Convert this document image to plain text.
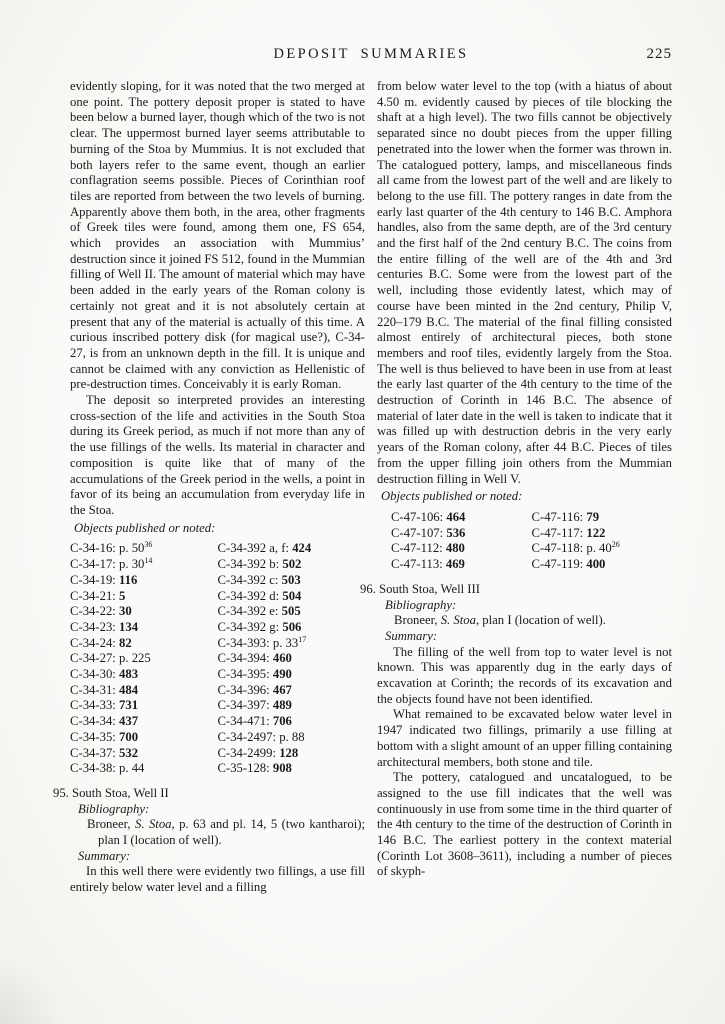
DEPOSIT SUMMARIES	225

evidently sloping, for it was noted that the two merged at one point. The pottery deposit proper is stated to have been below a burned layer, though which of the two is not clear. The uppermost burned layer seems attributable to burning of the Stoa by Mummius. It is not excluded that both layers refer to the same event, though an earlier conflagration seems possible. Pieces of Corinthian roof tiles are reported from between the two levels of burning. Apparently above them both, in the area, other fragments of Greek tiles were found, among them one, FS 654, which provides an association with Mummius’ destruction since it joined FS 512, found in the Mummian filling of Well II. The amount of material which may have been added in the early years of the Roman colony is certainly not great and it is not absolutely certain at present that any of the material is actually of this time. A curious inscribed pottery disk (for magical use?), C-34-27, is from an unknown depth in the fill. It is unique and cannot be claimed with any conviction as Hellenistic of pre-destruction times. Conceivably it is early Roman.

The deposit so interpreted provides an interesting cross-section of the life and activities in the South Stoa during its Greek period, as much if not more than any of the use fillings of the wells. Its material in character and composition is quite like that of many of the accumulations of the Greek period in the wells, a point in favor of its being an accumulation from everyday life in the Stoa.

Objects published or noted:

C-34-16: p. 50$^{36}$
C-34-17: p. 30$^{14}$
C-34-19: 116
C-34-21: 5
C-34-22: 30
C-34-23: 134
C-34-24: 82
C-34-27: p. 225
C-34-30: 483
C-34-31: 484
C-34-33: 731
C-34-34: 437
C-34-35: 700
C-34-37: 532
C-34-38: p. 44
C-34-392 a, f: 424
C-34-392 b: 502
C-34-392 c: 503
C-34-392 d: 504
C-34-392 e: 505
C-34-392 g: 506
C-34-393: p. 33$^{17}$
C-34-394: 460
C-34-395: 490
C-34-396: 467
C-34-397: 489
C-34-471: 706
C-34-2497: p. 88
C-34-2499: 128
C-35-128: 908
95. South Stoa, Well II

Bibliography:

Broneer, S. Stoa, p. 63 and pl. 14, 5 (two kantharoi); plan I (location of well).

Summary:

In this well there were evidently two fillings, a use fill entirely below water level and a filling

from below water level to the top (with a hiatus of about 4.50 m. evidently caused by pieces of tile blocking the shaft at a high level). The two fills cannot be objectively separated since no doubt pieces from the upper filling penetrated into the lower when the former was thrown in. The catalogued pottery, lamps, and miscellaneous finds all came from the lowest part of the well and are likely to belong to the use fill. The pottery ranges in date from the early last quarter of the 4th century to 146 B.C. Amphora handles, also from the same depth, are of the 3rd century and the first half of the 2nd century B.C. The coins from the entire filling of the well are of the 4th and 3rd centuries B.C. Some were from the lowest part of the well, including those evidently latest, which may of course have been minted in the 2nd century, Philip V, 220–179 B.C. The material of the final filling consisted almost entirely of architectural pieces, both stone members and roof tiles, evidently largely from the Stoa. The well is thus believed to have been in use from at least the early last quarter of the 4th century to the time of the destruction of Corinth in 146 B.C. The absence of material of later date in the well is taken to indicate that it was filled up with destruction debris in the very early years of the Roman colony, after 44 B.C. Pieces of tiles from the upper filling join others from the Mummian destruction filling in Well V.

Objects published or noted:

C-47-106: 464
C-47-107: 536
C-47-112: 480
C-47-113: 469
C-47-116: 79
C-47-117: 122
C-47-118: p. 40$^{26}$
C-47-119: 400
96. South Stoa, Well III

Bibliography:

Broneer, S. Stoa, plan I (location of well).

Summary:

The filling of the well from top to water level is not known. This was apparently dug in the early days of excavation at Corinth; the records of its excavation and the objects found have not been identified.

What remained to be excavated below water level in 1947 indicated two fillings, primarily a use filling at bottom with a slight amount of an upper filling containing architectural members, both stone and tile.

The pottery, catalogued and uncatalogued, to be assigned to the use fill indicates that the well was continuously in use from some time in the third quarter of the 4th century to the time of the destruction of Corinth in 146 B.C. The earliest pottery in the context material (Corinth Lot 3608–3611), including a number of pieces of skyph-
